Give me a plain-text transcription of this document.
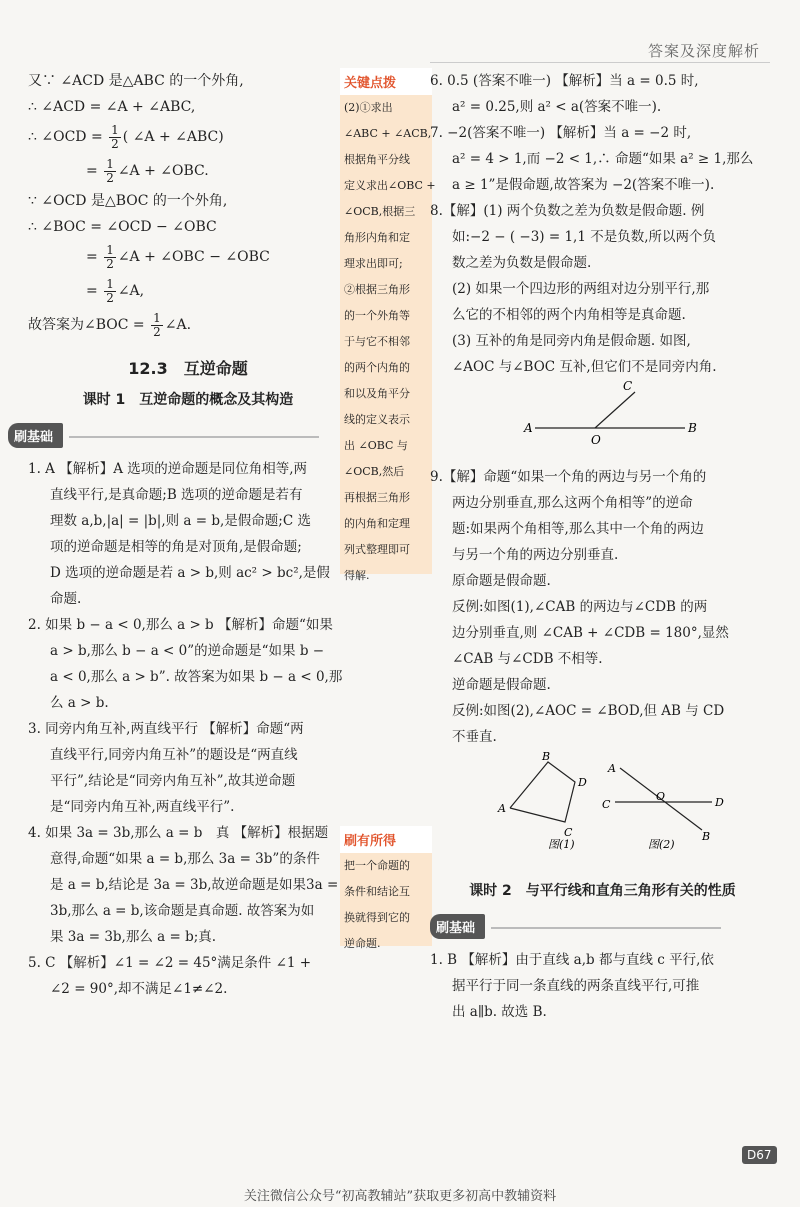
答案及深度解析
又∵ ∠ACD 是△ABC 的一个外角,
∴ ∠ACD = ∠A + ∠ABC,
∴ ∠OCD = $\frac{1}{2}$ ( ∠A + ∠ABC)
= $\frac{1}{2}$ ∠A + ∠OBC.
∵ ∠OCD 是△BOC 的一个外角,
∴ ∠BOC = ∠OCD − ∠OBC
= $\frac{1}{2}$ ∠A + ∠OBC − ∠OBC
= $\frac{1}{2}$ ∠A,
故答案为∠BOC = $\frac{1}{2}$ ∠A.
12.3　互逆命题
课时 1　互逆命题的概念及其构造
刷基础
1. A 【解析】A 选项的逆命题是同位角相等,两
直线平行,是真命题;B 选项的逆命题是若有
理数 a,b,|a| = |b|,则 a = b,是假命题;C 选
项的逆命题是相等的角是对顶角,是假命题;
D 选项的逆命题是若 a > b,则 ac² > bc²,是假
命题.
2. 如果 b − a < 0,那么 a > b 【解析】命题“如果
a > b,那么 b − a < 0”的逆命题是“如果 b −
a < 0,那么 a > b”. 故答案为如果 b − a < 0,那
么 a > b.
3. 同旁内角互补,两直线平行 【解析】命题“两
直线平行,同旁内角互补”的题设是“两直线
平行”,结论是“同旁内角互补”,故其逆命题
是“同旁内角互补,两直线平行”.
4. 如果 3a = 3b,那么 a = b　真 【解析】根据题
意得,命题“如果 a = b,那么 3a = 3b”的条件
是 a = b,结论是 3a = 3b,故逆命题是如果3a =
3b,那么 a = b,该命题是真命题. 故答案为如
果 3a = 3b,那么 a = b;真.
5. C 【解析】∠1 = ∠2 = 45°满足条件 ∠1 +
∠2 = 90°,却不满足∠1≠∠2.
关键点拨
(2)①求出
∠ABC + ∠ACB,
根据角平分线
定义求出∠OBC +
∠OCB,根据三
角形内角和定
理求出即可;
②根据三角形
的一个外角等
于与它不相邻
的两个内角的
和以及角平分
线的定义表示
出 ∠OBC 与
∠OCB,然后
再根据三角形
的内角和定理
列式整理即可
得解.
刷有所得
把一个命题的
条件和结论互
换就得到它的
逆命题.
6. 0.5 (答案不唯一) 【解析】当 a = 0.5 时,
a² = 0.25,则 a² < a(答案不唯一).
7. −2(答案不唯一) 【解析】当 a = −2 时,
a² = 4 > 1,而 −2 < 1,∴ 命题“如果 a² ≥ 1,那么
a ≥ 1”是假命题,故答案为 −2(答案不唯一).
8.【解】(1) 两个负数之差为负数是假命题. 例
如:−2 − ( −3) = 1,1 不是负数,所以两个负
数之差为负数是假命题.
(2) 如果一个四边形的两组对边分别平行,那
么它的不相邻的两个内角相等是真命题.
(3) 互补的角是同旁内角是假命题. 如图,
∠AOC 与∠BOC 互补,但它们不是同旁内角.
A	B
C
O
9.【解】命题“如果一个角的两边与另一个角的
两边分别垂直,那么这两个角相等”的逆命
题:如果两个角相等,那么其中一个角的两边
与另一个角的两边分别垂直.
原命题是假命题.
反例:如图(1),∠CAB 的两边与∠CDB 的两
边分别垂直,则 ∠CAB + ∠CDB = 180°,显然
∠CAB 与∠CDB 不相等.
逆命题是假命题.
反例:如图(2),∠AOC = ∠BOD,但 AB 与 CD
不垂直.
A
B
D
C
图(1)
A
C
O	D
B
图(2)
课时 2　与平行线和直角三角形有关的性质
刷基础
1. B 【解析】由于直线 a,b 都与直线 c 平行,依
据平行于同一条直线的两条直线平行,可推
出 a∥b. 故选 B.
D67
关注微信公众号“初高教辅站”获取更多初高中教辅资料
